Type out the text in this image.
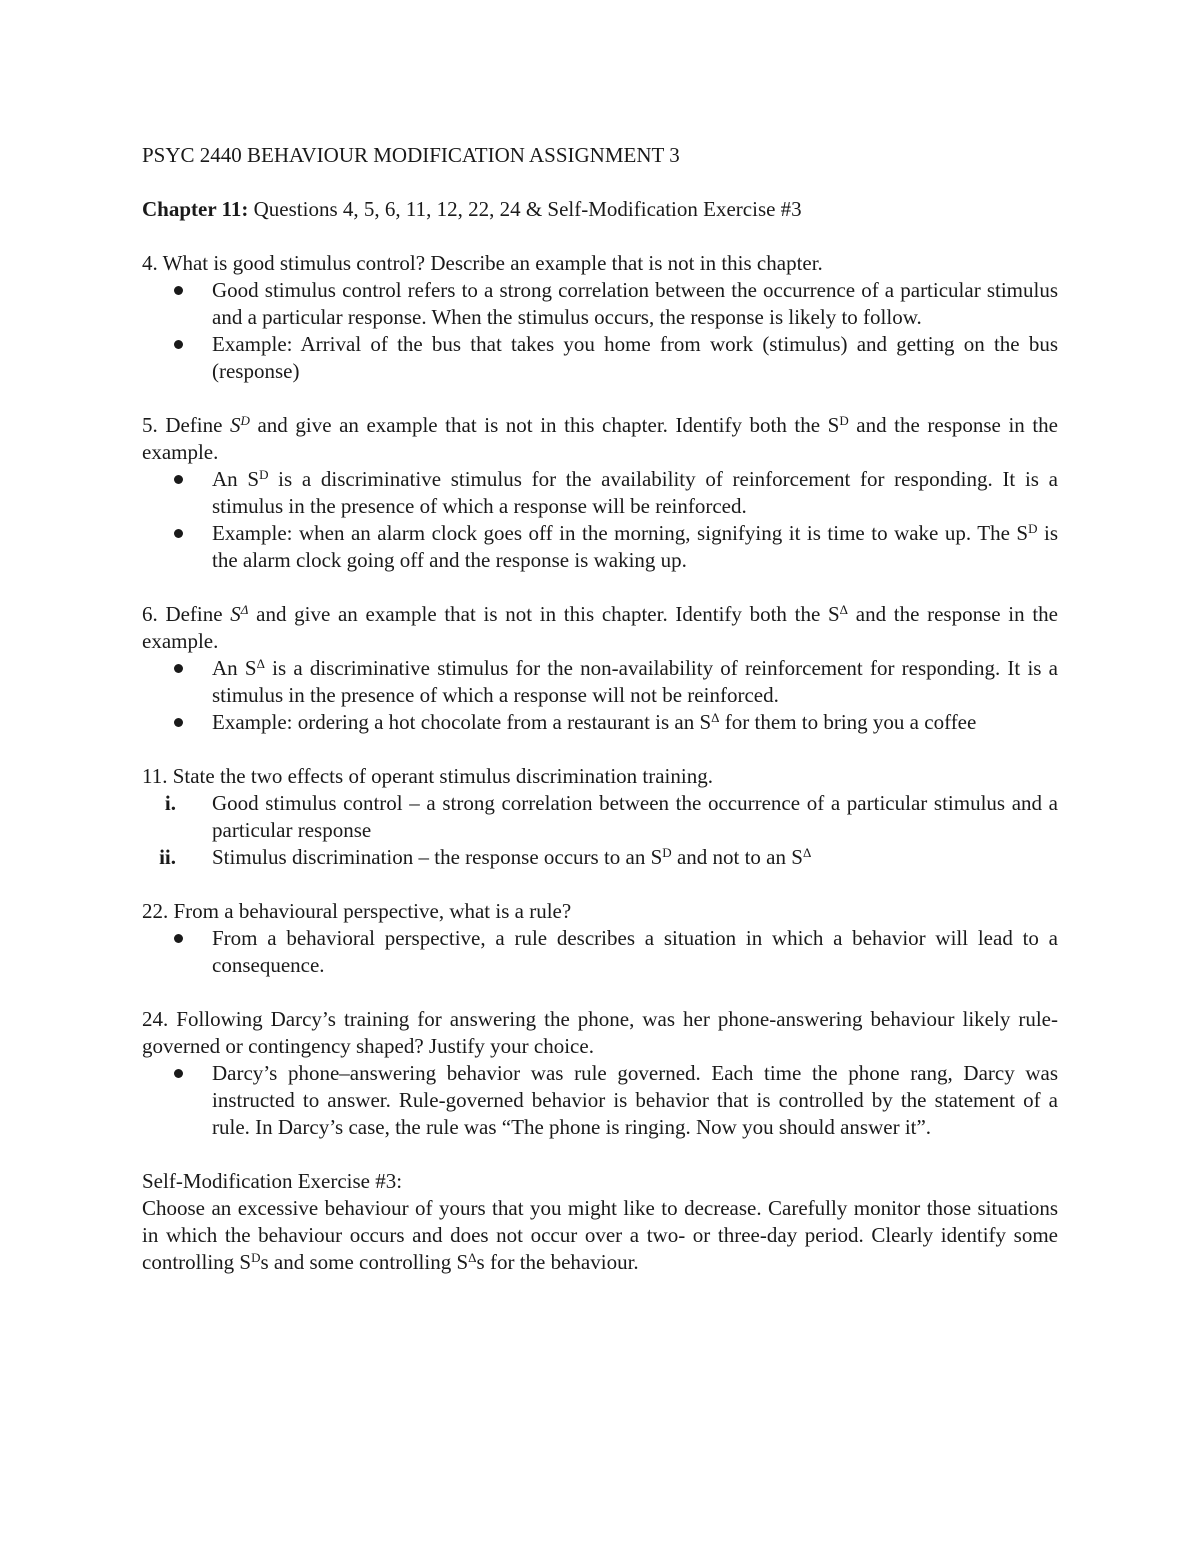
PSYC 2440 BEHAVIOUR MODIFICATION ASSIGNMENT 3

Chapter 11: Questions 4, 5, 6, 11, 12, 22, 24 & Self-Modification Exercise #3

4. What is good stimulus control? Describe an example that is not in this chapter.

Good stimulus control refers to a strong correlation between the occurrence of a particular stimulus and a particular response. When the stimulus occurs, the response is likely to follow.
Example: Arrival of the bus that takes you home from work (stimulus) and getting on the bus (response)

5. Define $S^D$ and give an example that is not in this chapter. Identify both the $S^D$ and the response in the example.

An $S^D$ is a discriminative stimulus for the availability of reinforcement for responding. It is a stimulus in the presence of which a response will be reinforced.
Example: when an alarm clock goes off in the morning, signifying it is time to wake up. The $S^D$ is the alarm clock going off and the response is waking up.

6. Define $S^\Delta$ and give an example that is not in this chapter. Identify both the $S^\Delta$ and the response in the example.

An $S^\Delta$ is a discriminative stimulus for the non-availability of reinforcement for responding. It is a stimulus in the presence of which a response will not be reinforced.
Example: ordering a hot chocolate from a restaurant is an $S^\Delta$ for them to bring you a coffee

11. State the two effects of operant stimulus discrimination training.

i. Good stimulus control – a strong correlation between the occurrence of a particular stimulus and a particular response
ii. Stimulus discrimination – the response occurs to an $S^D$ and not to an $S^\Delta$

22. From a behavioural perspective, what is a rule?

From a behavioral perspective, a rule describes a situation in which a behavior will lead to a consequence.

24. Following Darcy’s training for answering the phone, was her phone-answering behaviour likely rule-governed or contingency shaped? Justify your choice.

Darcy’s phone–answering behavior was rule governed. Each time the phone rang, Darcy was instructed to answer. Rule-governed behavior is behavior that is controlled by the statement of a rule. In Darcy’s case, the rule was “The phone is ringing. Now you should answer it”.

Self-Modification Exercise #3:

Choose an excessive behaviour of yours that you might like to decrease. Carefully monitor those situations in which the behaviour occurs and does not occur over a two- or three-day period. Clearly identify some controlling $S^Ds$ and some controlling $S^\Delta s$ for the behaviour.
